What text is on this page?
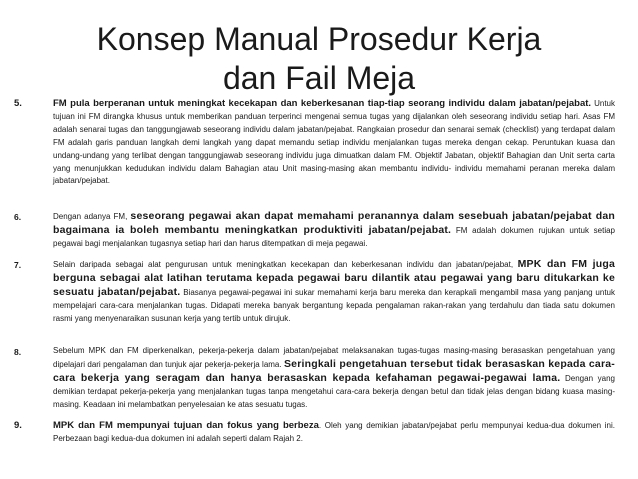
Konsep Manual Prosedur Kerja
dan Fail Meja
5.	FM pula berperanan untuk meningkat kecekapan dan keberkesanan tiap-tiap seorang individu dalam jabatan/pejabat. Untuk tujuan ini FM dirangka khusus untuk memberikan panduan terperinci mengenai semua tugas yang dijalankan oleh seseorang individu setiap hari. Asas FM adalah senarai tugas dan tanggungjawab seseorang individu dalam jabatan/pejabat. Rangkaian prosedur dan senarai semak (checklist) yang terdapat dalam FM adalah garis panduan langkah demi langkah yang dapat memandu setiap individu menjalankan tugas mereka dengan cekap. Peruntukan kuasa dan undang-undang yang terlibat dengan tanggungjawab seseorang individu juga dimuatkan dalam FM. Objektif Jabatan, objektif Bahagian dan Unit serta carta yang menunjukkan kedudukan individu dalam Bahagian atau Unit masing-masing akan membantu individu- individu memahami peranan mereka dalam jabatan/pejabat.
6.	Dengan adanya FM, seseorang pegawai akan dapat memahami peranannya dalam sesebuah jabatan/pejabat dan bagaimana ia boleh membantu meningkatkan produktiviti jabatan/pejabat. FM adalah dokumen rujukan untuk setiap pegawai bagi menjalankan tugasnya setiap hari dan harus ditempatkan di meja pegawai.
7.	Selain daripada sebagai alat pengurusan untuk meningkatkan kecekapan dan keberkesanan individu dan jabatan/pejabat, MPK dan FM juga berguna sebagai alat latihan terutama kepada pegawai baru dilantik atau pegawai yang baru ditukarkan ke sesuatu jabatan/pejabat. Biasanya pegawai-pegawai ini sukar memahami kerja baru mereka dan kerapkali mengambil masa yang panjang untuk mempelajari cara-cara menjalankan tugas. Didapati mereka banyak bergantung kepada pengalaman rakan-rakan yang terdahulu dan tiada satu dokumen rasmi yang menyenaraikan susunan kerja yang tertib untuk dirujuk.
8.	Sebelum MPK dan FM diperkenalkan, pekerja-pekerja dalam jabatan/pejabat melaksanakan tugas-tugas masing-masing berasaskan pengetahuan yang dipelajari dari pengalaman dan tunjuk ajar pekerja-pekerja lama. Seringkali pengetahuan tersebut tidak berasaskan kepada cara-cara bekerja yang seragam dan hanya berasaskan kepada kefahaman pegawai-pegawai lama. Dengan yang demikian terdapat pekerja-pekerja yang menjalankan tugas tanpa mengetahui cara-cara bekerja dengan betul dan tidak jelas dengan bidang kuasa masing-masing. Keadaan ini melambatkan penyelesaian ke atas sesuatu tugas.
9.	MPK dan FM mempunyai tujuan dan fokus yang berbeza. Oleh yang demikian jabatan/pejabat perlu mempunyai kedua-dua dokumen ini. Perbezaan bagi kedua-dua dokumen ini adalah seperti dalam Rajah 2.
